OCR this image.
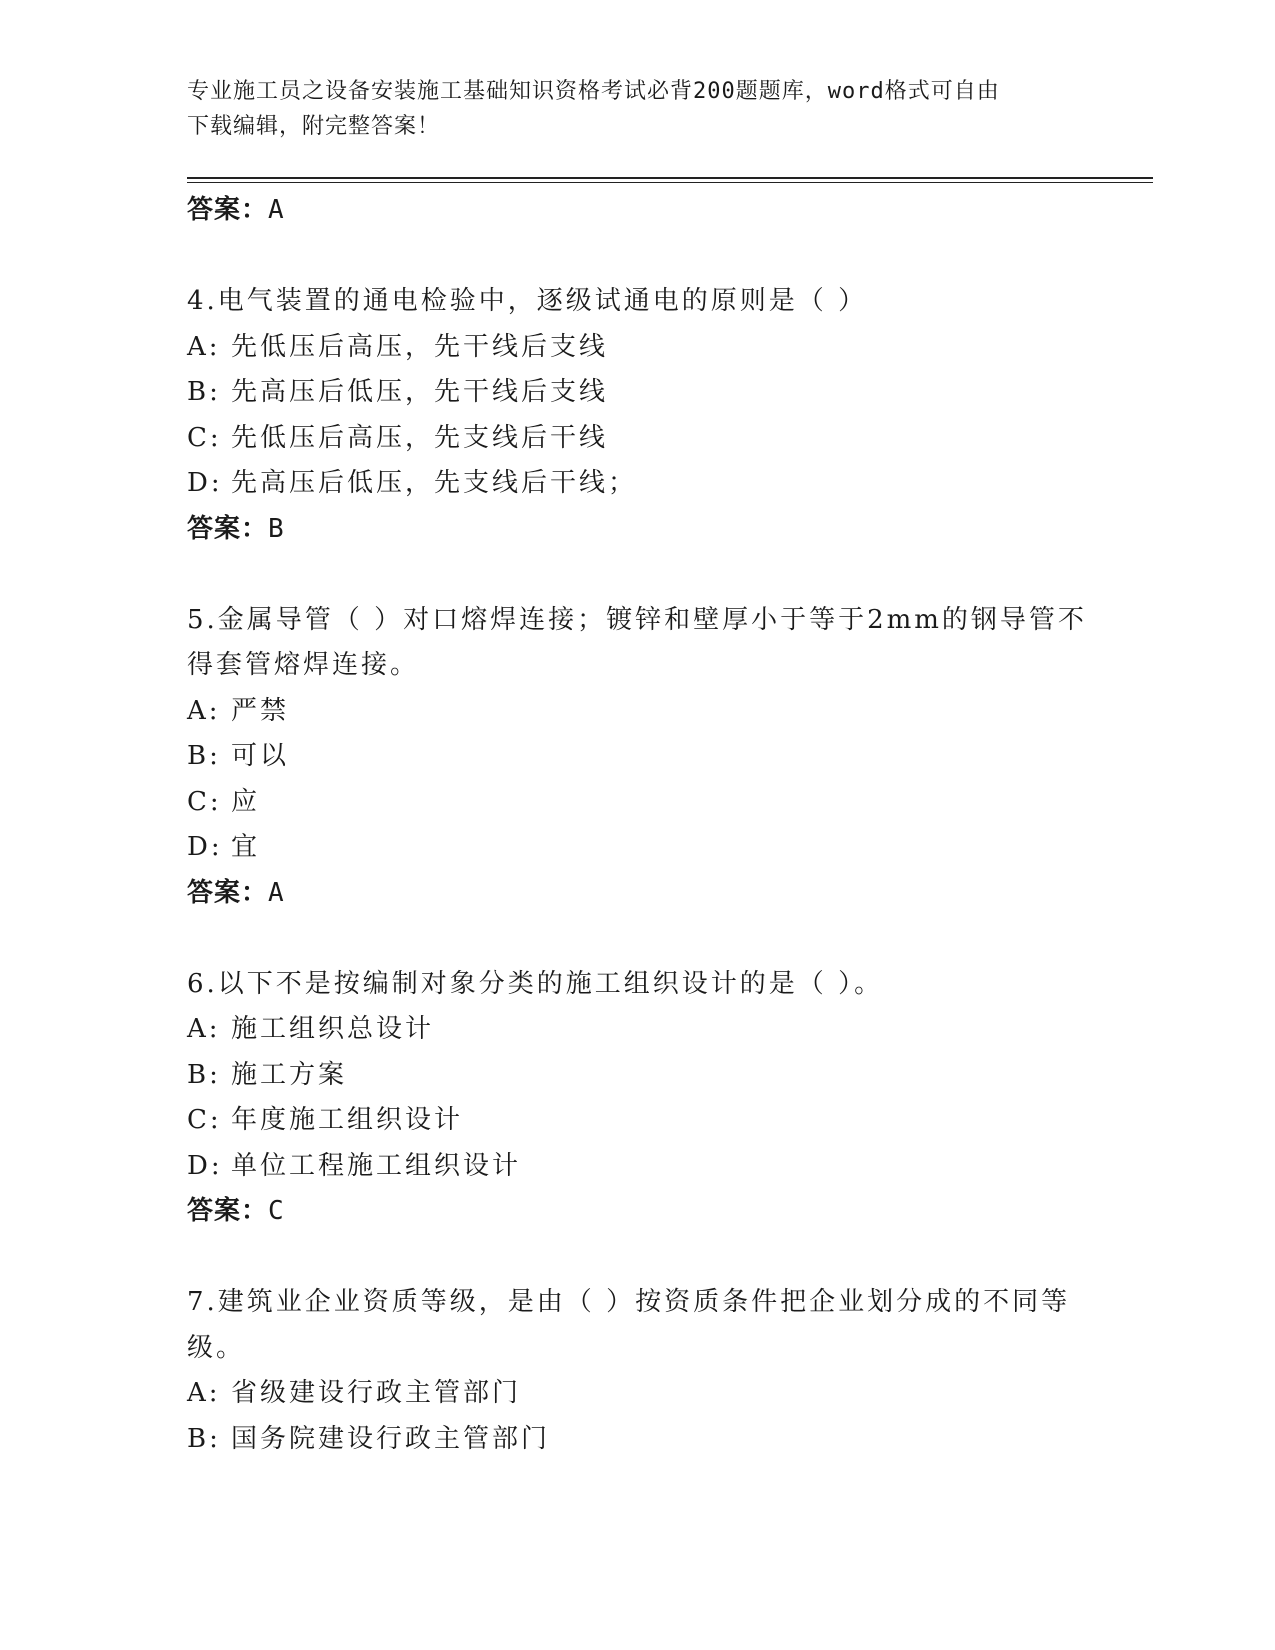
专业施工员之设备安装施工基础知识资格考试必背200题题库，word格式可自由
下载编辑，附完整答案！
答案：A
4.电气装置的通电检验中，逐级试通电的原则是（ ）
A: 先低压后高压，先干线后支线
B: 先高压后低压，先干线后支线
C: 先低压后高压，先支线后干线
D: 先高压后低压，先支线后干线；
答案：B
5.金属导管（ ）对口熔焊连接；镀锌和壁厚小于等于2mm的钢导管不
得套管熔焊连接。
A: 严禁
B: 可以
C: 应
D: 宜
答案：A
6.以下不是按编制对象分类的施工组织设计的是（ ）。
A: 施工组织总设计
B: 施工方案
C: 年度施工组织设计
D: 单位工程施工组织设计
答案：C
7.建筑业企业资质等级，是由（ ）按资质条件把企业划分成的不同等
级。
A: 省级建设行政主管部门
B: 国务院建设行政主管部门
